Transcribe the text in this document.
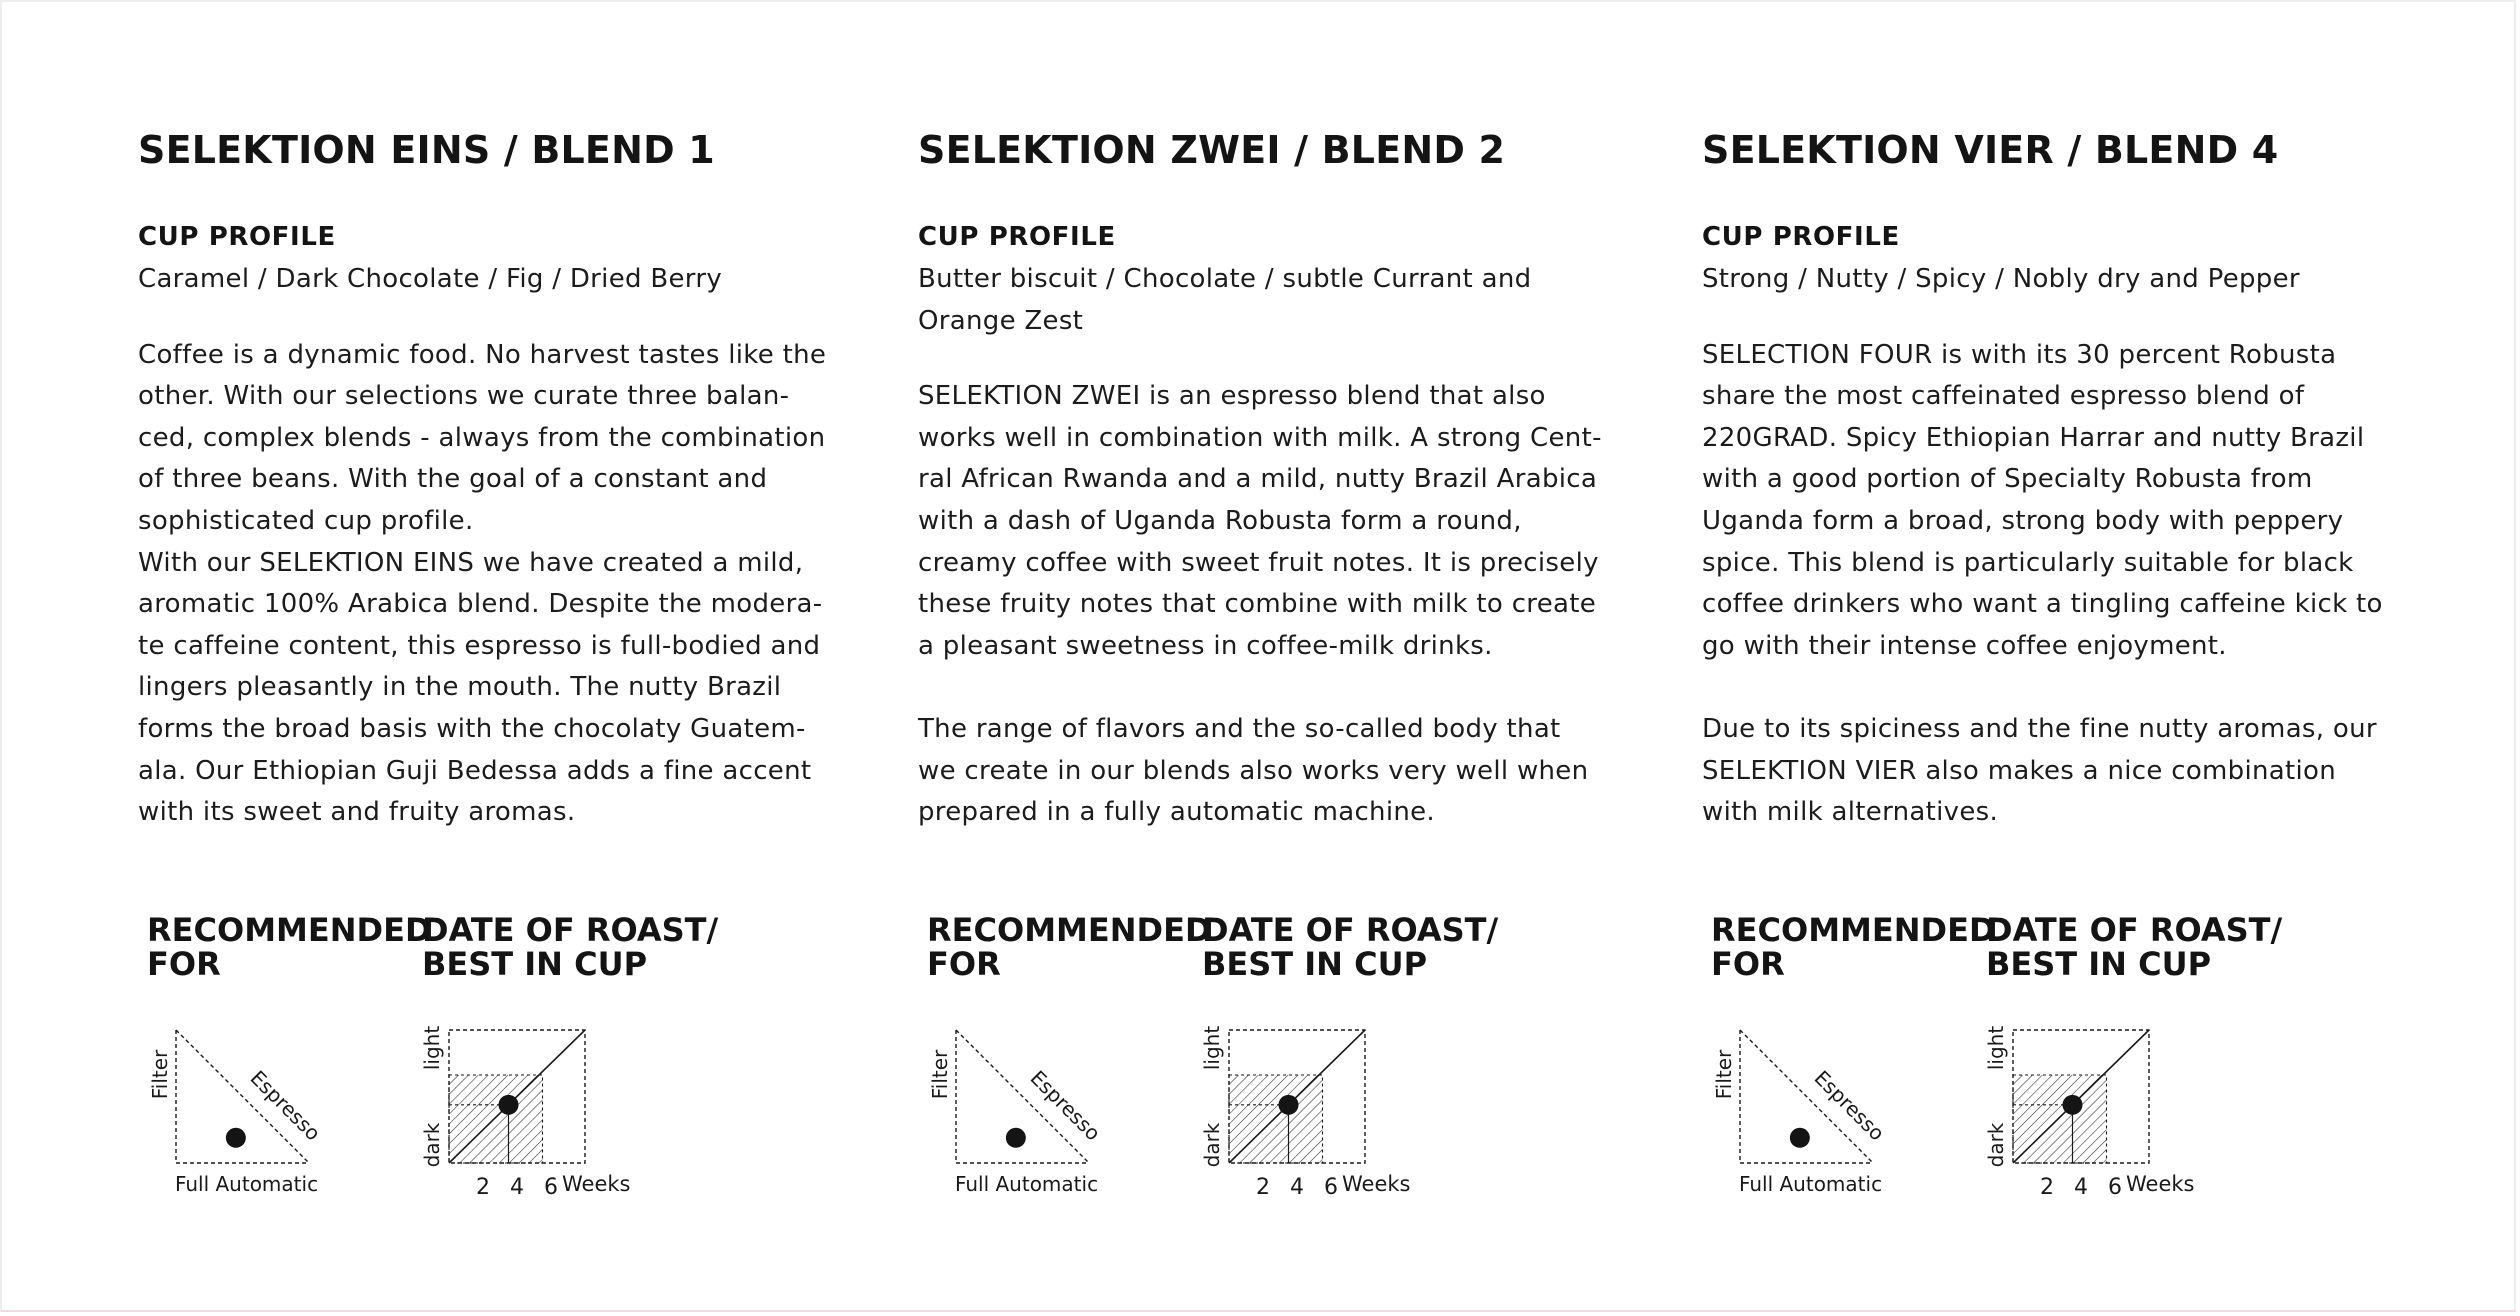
SELEKTION EINS / BLEND 1
CUP PROFILE

Caramel / Dark Chocolate / Fig / Dried Berry

Coffee is a dynamic food. No harvest tastes like the
other. With our selections we curate three balan-
ced, complex blends - always from the combination
of three beans. With the goal of a constant and
sophisticated cup profile.
With our SELEKTION EINS we have created a mild,
aromatic 100% Arabica blend. Despite the modera-
te caffeine content, this espresso is full-bodied and
lingers pleasantly in the mouth. The nutty Brazil
forms the broad basis with the chocolaty Guatem-
ala. Our Ethiopian Guji Bedessa adds a fine accent
with its sweet and fruity aromas.

RECOMMENDED
FOR
DATE OF ROAST/
BEST IN CUP
Filter
Full Automatic
Espresso
light
dark
2 4 6 Weeks
SELEKTION ZWEI / BLEND 2
CUP PROFILE

Butter biscuit / Chocolate / subtle Currant and
Orange Zest

SELEKTION ZWEI is an espresso blend that also
works well in combination with milk. A strong Cent-
ral African Rwanda and a mild, nutty Brazil Arabica
with a dash of Uganda Robusta form a round,
creamy coffee with sweet fruit notes. It is precisely
these fruity notes that combine with milk to create
a pleasant sweetness in coffee-milk drinks.

The range of flavors and the so-called body that
we create in our blends also works very well when
prepared in a fully automatic machine.

RECOMMENDED
FOR
DATE OF ROAST/
BEST IN CUP
Filter
Full Automatic
Espresso
light
dark
2 4 6 Weeks
SELEKTION VIER / BLEND 4
CUP PROFILE

Strong / Nutty / Spicy / Nobly dry and Pepper

SELECTION FOUR is with its 30 percent Robusta
share the most caffeinated espresso blend of
220GRAD. Spicy Ethiopian Harrar and nutty Brazil
with a good portion of Specialty Robusta from
Uganda form a broad, strong body with peppery
spice. This blend is particularly suitable for black
coffee drinkers who want a tingling caffeine kick to
go with their intense coffee enjoyment.

Due to its spiciness and the fine nutty aromas, our
SELEKTION VIER also makes a nice combination
with milk alternatives.

RECOMMENDED
FOR
DATE OF ROAST/
BEST IN CUP
Filter
Full Automatic
Espresso
light
dark
2 4 6 Weeks
